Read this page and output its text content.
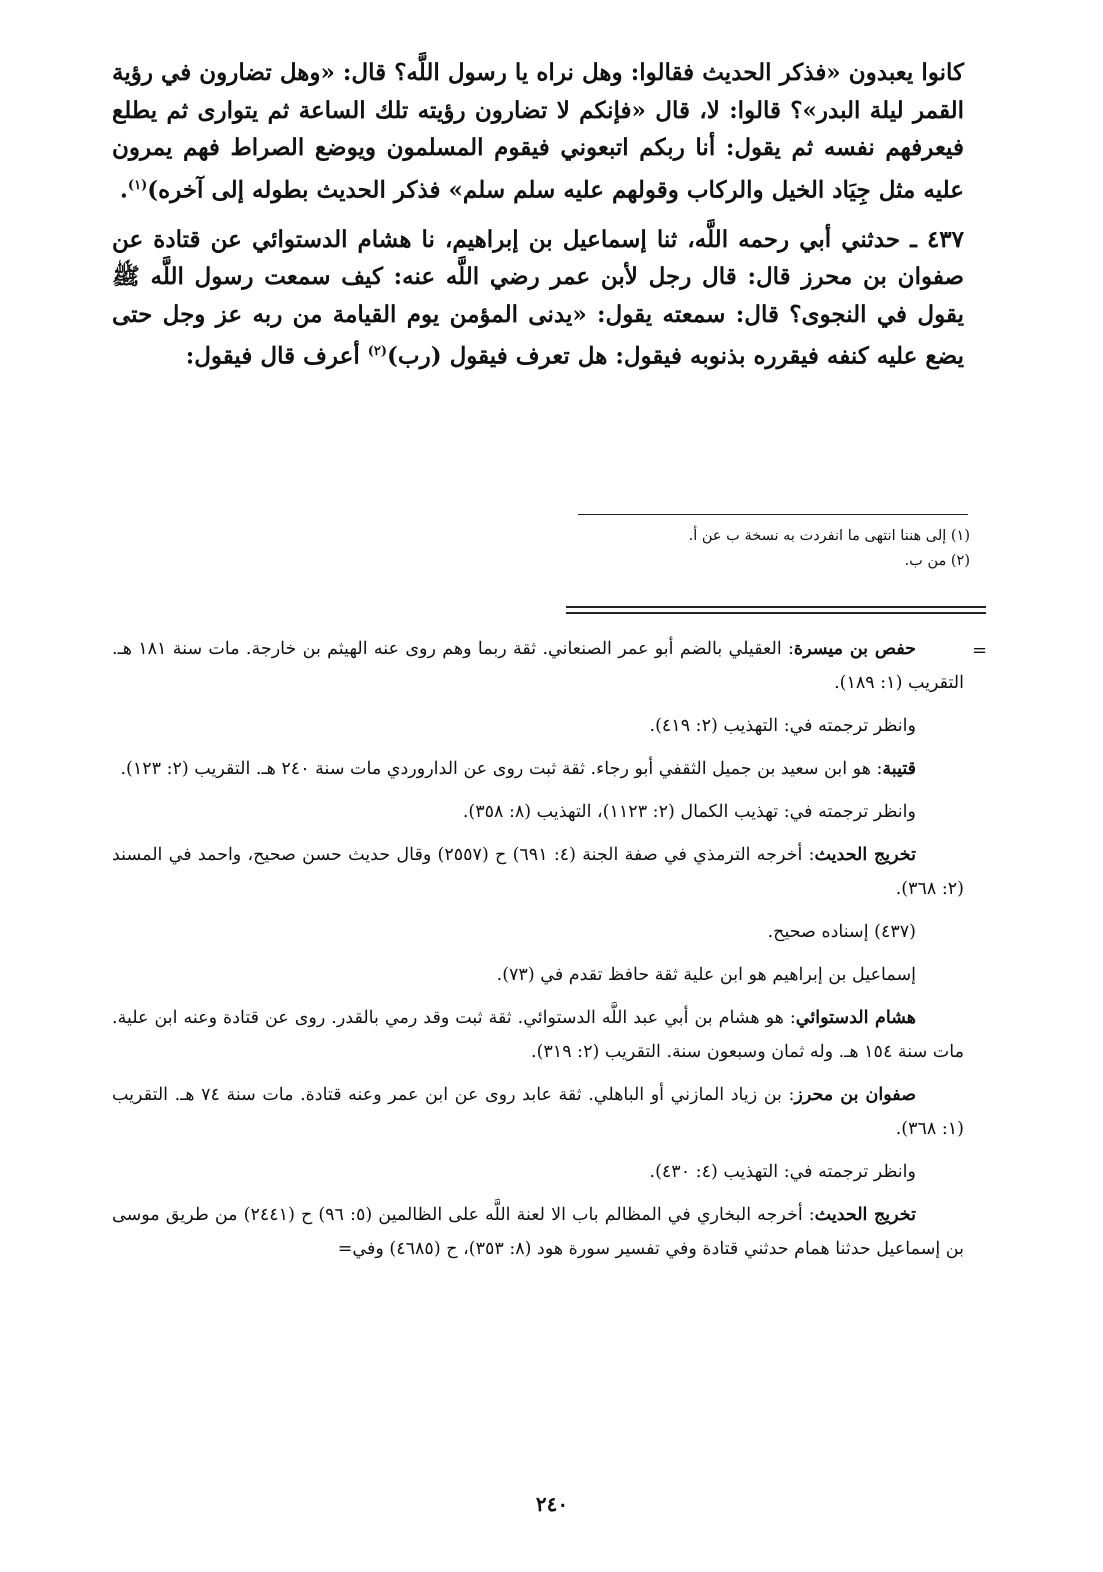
كانوا يعبدون «فذكر الحديث فقالوا: وهل نراه يا رسول اللَّه؟ قال: «وهل تضارون في رؤية القمر ليلة البدر»؟ قالوا: لا، قال «فإنكم لا تضارون رؤيته تلك الساعة ثم يتوارى ثم يطلع فيعرفهم نفسه ثم يقول: أنا ربكم اتبعوني فيقوم المسلمون ويوضع الصراط فهم يمرون عليه مثل جِيَاد الخيل والركاب وقولهم عليه سلم سلم» فذكر الحديث بطوله إلى آخره)$^{(١)}$.

٤٣٧ ـ حدثني أبي رحمه اللَّه، ثنا إسماعيل بن إبراهيم، نا هشام الدستوائي عن قتادة عن صفوان بن محرز قال: قال رجل لأبن عمر رضي اللَّه عنه: كيف سمعت رسول اللَّه ﷺ يقول في النجوى؟ قال: سمعته يقول: «يدنى المؤمن يوم القيامة من ربه عز وجل حتى يضع عليه كنفه فيقرره بذنوبه فيقول: هل تعرف فيقول (رب)$^{(٢)}$ أعرف قال فيقول:

(١) إلى هننا انتهى ما انفردت به نسخة ب عن أ.
(٢) من ب.
=

حفص بن ميسرة: العقيلي بالضم أبو عمر الصنعاني. ثقة ربما وهم روى عنه الهيثم بن خارجة. مات سنة ١٨١ هـ. التقريب (١: ١٨٩).

وانظر ترجمته في: التهذيب (٢: ٤١٩).

قتيبة: هو ابن سعيد بن جميل الثقفي أبو رجاء. ثقة ثبت روى عن الداروردي مات سنة ٢٤٠ هـ. التقريب (٢: ١٢٣).

وانظر ترجمته في: تهذيب الكمال (٢: ١١٢٣)، التهذيب (٨: ٣٥٨).

تخريج الحديث: أخرجه الترمذي في صفة الجنة (٤: ٦٩١) ح (٢٥٥٧) وقال حديث حسن صحيح، واحمد في المسند (٢: ٣٦٨).

(٤٣٧) إسناده صحيح.

إسماعيل بن إبراهيم هو ابن علية ثقة حافظ تقدم في (٧٣).

هشام الدستوائي: هو هشام بن أبي عبد اللَّه الدستوائي. ثقة ثبت وقد رمي بالقدر. روى عن قتادة وعنه ابن علية. مات سنة ١٥٤ هـ. وله ثمان وسبعون سنة. التقريب (٢: ٣١٩).

صفوان بن محرز: بن زياد المازني أو الباهلي. ثقة عابد روى عن ابن عمر وعنه قتادة. مات سنة ٧٤ هـ. التقريب (١: ٣٦٨).

وانظر ترجمته في: التهذيب (٤: ٤٣٠).

تخريج الحديث: أخرجه البخاري في المظالم باب الا لعنة اللَّه على الظالمين (٥: ٩٦) ح (٢٤٤١) من طريق موسى بن إسماعيل حدثنا همام حدثني قتادة وفي تفسير سورة هود (٨: ٣٥٣)، ح (٤٦٨٥) وفي=

٢٤٠
